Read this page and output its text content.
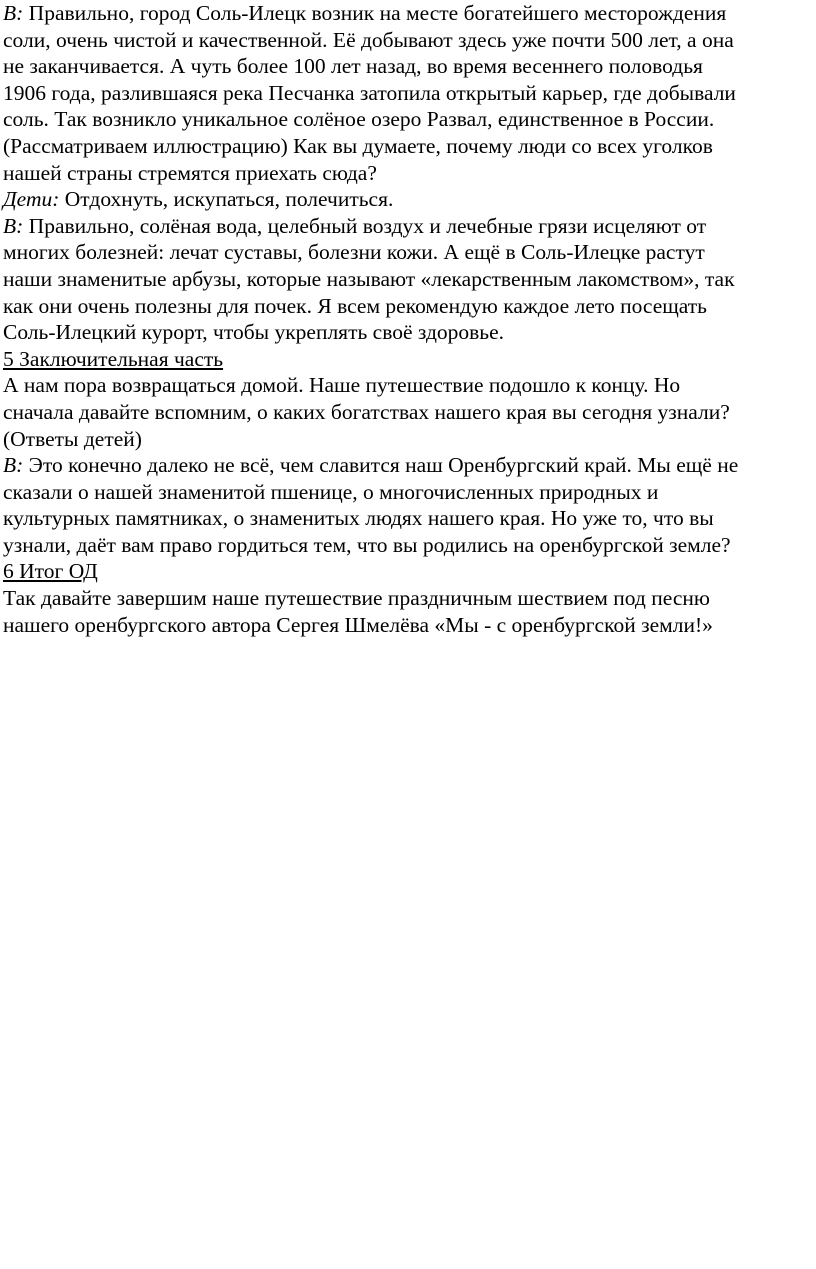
В: Правильно, город Соль-Илецк возник на месте богатейшего месторождения
соли, очень чистой и качественной. Её добывают здесь уже почти 500 лет, а она
не заканчивается. А чуть более 100 лет назад, во время весеннего половодья
1906 года, разлившаяся река Песчанка затопила открытый карьер, где добывали
соль. Так возникло уникальное солёное озеро Развал, единственное в России.
(Рассматриваем иллюстрацию) Как вы думаете, почему люди со всех уголков
нашей страны стремятся приехать сюда?
Дети: Отдохнуть, искупаться, полечиться.
В: Правильно, солёная вода, целебный воздух и лечебные грязи исцеляют от
многих болезней: лечат суставы, болезни кожи. А ещё в Соль-Илецке растут
наши знаменитые арбузы, которые называют «лекарственным лакомством», так
как они очень полезны для почек. Я всем рекомендую каждое лето посещать
Соль-Илецкий курорт, чтобы укреплять своё здоровье.
5 Заключительная часть
А нам пора возвращаться домой. Наше путешествие подошло к концу. Но
сначала давайте вспомним, о каких богатствах нашего края вы сегодня узнали?
(Ответы детей)
В: Это конечно далеко не всё, чем славится наш Оренбургский край. Мы ещё не
сказали о нашей знаменитой пшенице, о многочисленных природных и
культурных памятниках, о знаменитых людях нашего края. Но уже то, что вы
узнали, даёт вам право гордиться тем, что вы родились на оренбургской земле?
6 Итог ОД
Так давайте завершим наше путешествие праздничным шествием под песню
нашего оренбургского автора Сергея Шмелёва «Мы - с оренбургской земли!»
